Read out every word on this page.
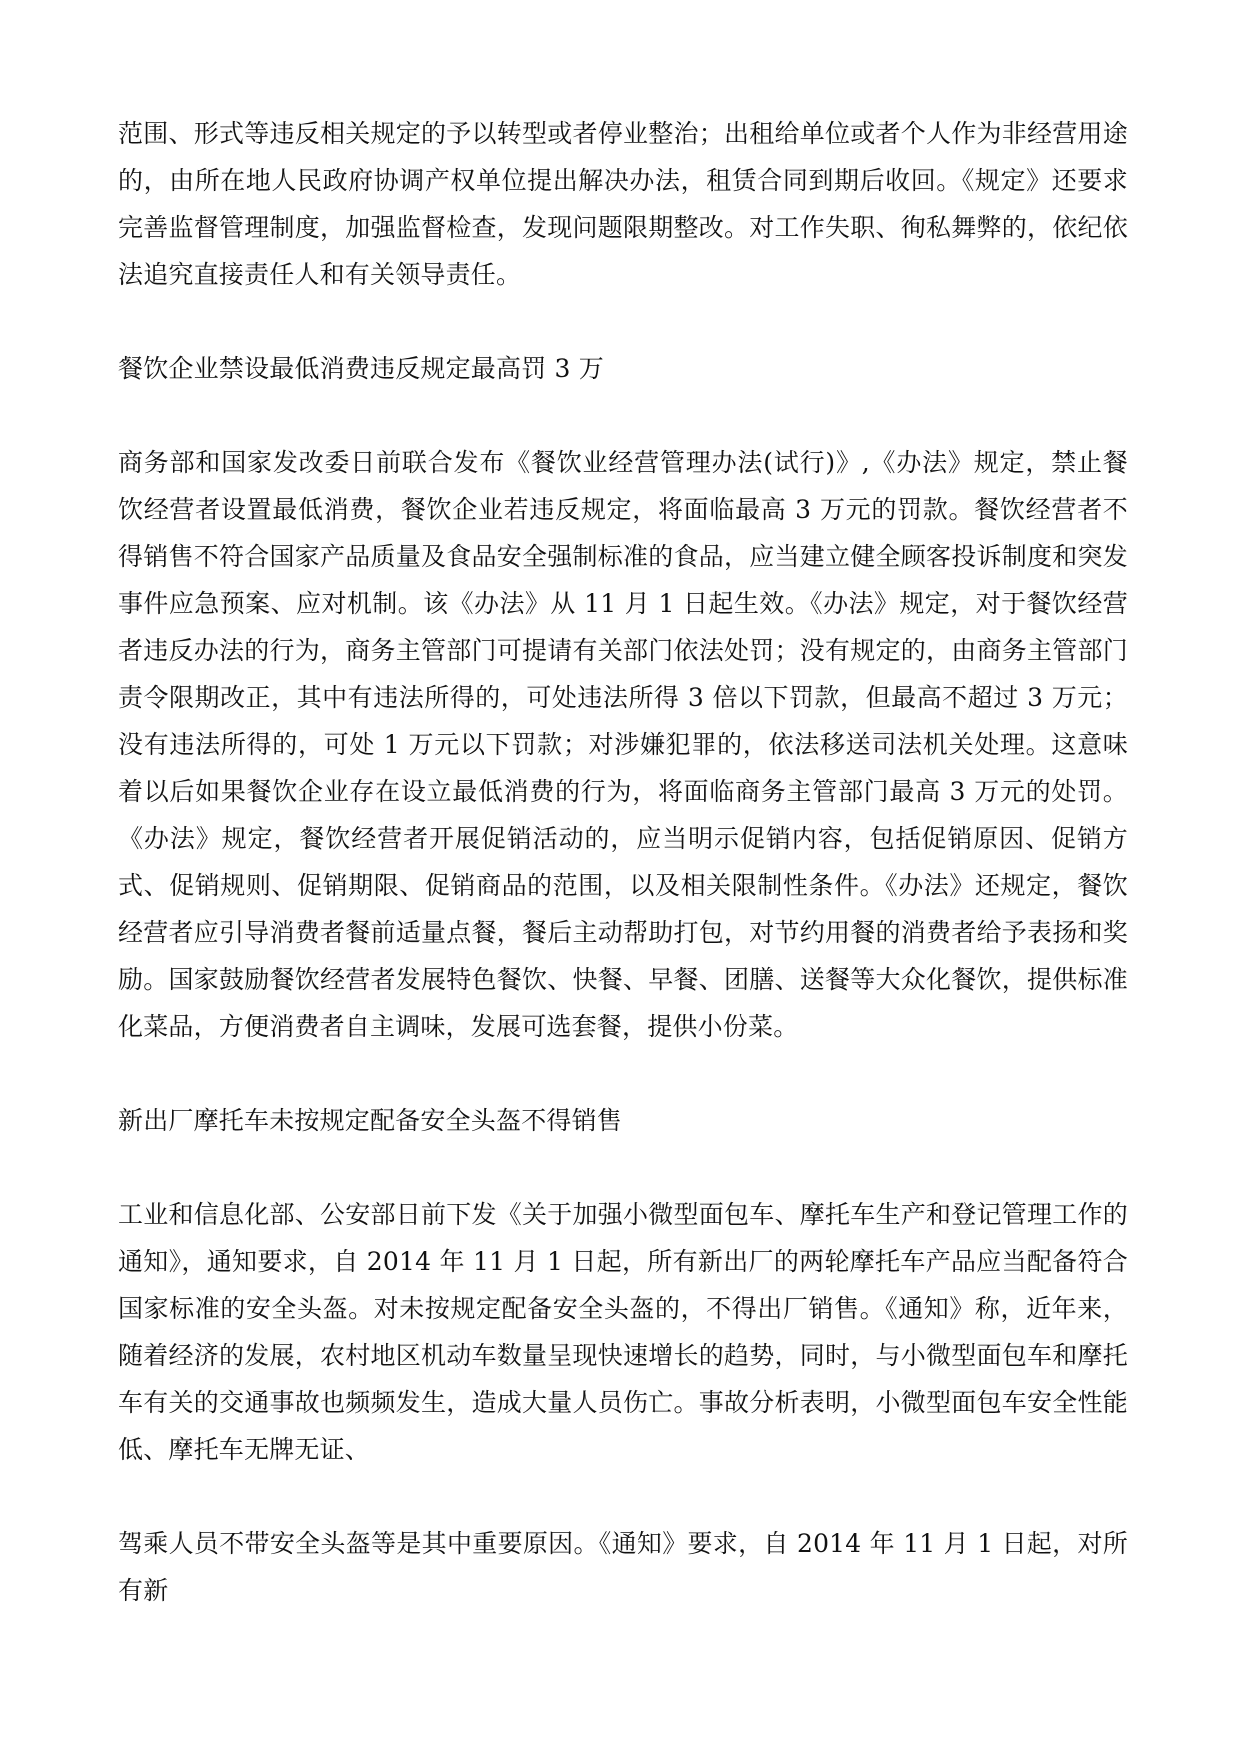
范围、形式等违反相关规定的予以转型或者停业整治；出租给单位或者个人作为非经营用途的，由所在地人民政府协调产权单位提出解决办法，租赁合同到期后收回。《规定》还要求完善监督管理制度，加强监督检查，发现问题限期整改。对工作失职、徇私舞弊的，依纪依法追究直接责任人和有关领导责任。

餐饮企业禁设最低消费违反规定最高罚 3 万

商务部和国家发改委日前联合发布《餐饮业经营管理办法(试行)》,《办法》规定，禁止餐饮经营者设置最低消费，餐饮企业若违反规定，将面临最高 3 万元的罚款。餐饮经营者不得销售不符合国家产品质量及食品安全强制标准的食品，应当建立健全顾客投诉制度和突发事件应急预案、应对机制。该《办法》从 11 月 1 日起生效。《办法》规定，对于餐饮经营者违反办法的行为，商务主管部门可提请有关部门依法处罚；没有规定的，由商务主管部门责令限期改正，其中有违法所得的，可处违法所得 3 倍以下罚款，但最高不超过 3 万元；没有违法所得的，可处 1 万元以下罚款；对涉嫌犯罪的，依法移送司法机关处理。这意味着以后如果餐饮企业存在设立最低消费的行为，将面临商务主管部门最高 3 万元的处罚。《办法》规定，餐饮经营者开展促销活动的，应当明示促销内容，包括促销原因、促销方式、促销规则、促销期限、促销商品的范围，以及相关限制性条件。《办法》还规定，餐饮经营者应引导消费者餐前适量点餐，餐后主动帮助打包，对节约用餐的消费者给予表扬和奖励。国家鼓励餐饮经营者发展特色餐饮、快餐、早餐、团膳、送餐等大众化餐饮，提供标准化菜品，方便消费者自主调味，发展可选套餐，提供小份菜。

新出厂摩托车未按规定配备安全头盔不得销售

工业和信息化部、公安部日前下发《关于加强小微型面包车、摩托车生产和登记管理工作的通知》，通知要求，自 2014 年 11 月 1 日起，所有新出厂的两轮摩托车产品应当配备符合国家标准的安全头盔。对未按规定配备安全头盔的，不得出厂销售。《通知》称，近年来，随着经济的发展，农村地区机动车数量呈现快速增长的趋势，同时，与小微型面包车和摩托车有关的交通事故也频频发生，造成大量人员伤亡。事故分析表明，小微型面包车安全性能低、摩托车无牌无证、

驾乘人员不带安全头盔等是其中重要原因。《通知》要求，自 2014 年 11 月 1 日起，对所有新
